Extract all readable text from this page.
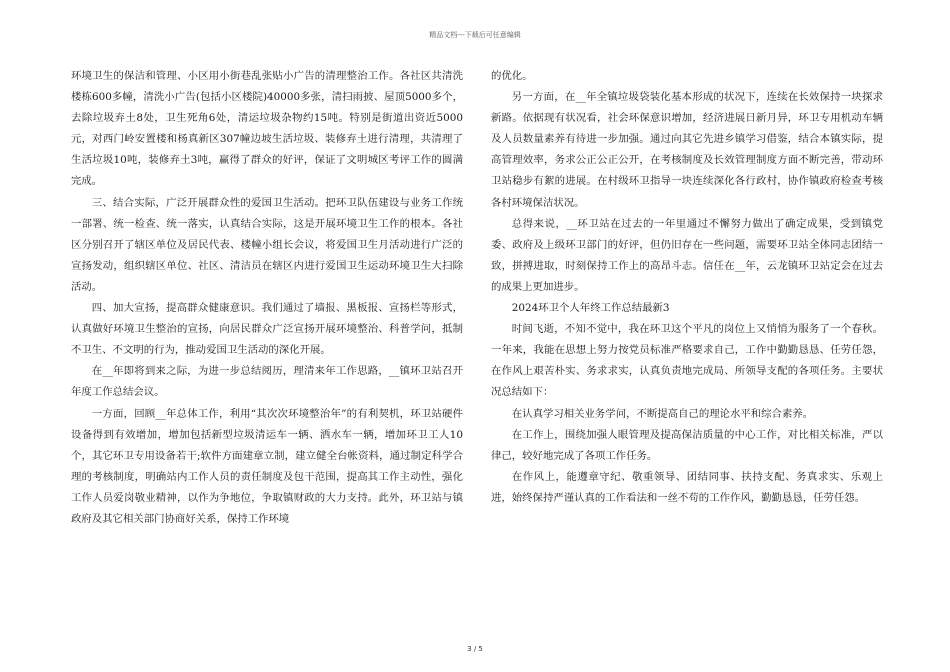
精品文档---下载后可任意编辑

环境卫生的保洁和管理、小区用小街巷乱张贴小广告的清理整治工作。各社区共清洗楼栋600多幢，清洗小广告(包括小区楼院)40000多张，清扫雨披、屋顶5000多个，去除垃圾弃土8处，卫生死角6处，清运垃圾杂物约15吨。特别是街道出资近5000元，对西门岭安置楼和杨真新区307幢边坡生活垃圾、装修弃土进行清理，共清理了生活垃圾10吨，装修弃土3吨，赢得了群众的好评，保证了文明城区考评工作的圆满完成。

三、结合实际，广泛开展群众性的爱国卫生活动。把环卫队伍建设与业务工作统一部署、统一检查、统一落实，认真结合实际，这是开展环境卫生工作的根本。各社区分别召开了辖区单位及居民代表、楼幢小组长会议，将爱国卫生月活动进行广泛的宣扬发动，组织辖区单位、社区、清洁员在辖区内进行爱国卫生运动环境卫生大扫除活动。

四、加大宣扬，提高群众健康意识。我们通过了墙报、黑板报、宣扬栏等形式，认真做好环境卫生整治的宣扬，向居民群众广泛宣扬开展环境整治、科普学问，抵制不卫生、不文明的行为，推动爱国卫生活动的深化开展。

在__年即将到来之际，为进一步总结阅历，理清来年工作思路，__镇环卫站召开年度工作总结会议。

一方面，回顾__年总体工作，利用“其次次环境整治年”的有利契机，环卫站硬件设备得到有效增加，增加包括新型垃圾清运车一辆、洒水车一辆，增加环卫工人10个，其它环卫专用设备若干;软件方面建章立制，建立健全台帐资料，通过制定科学合理的考核制度，明确站内工作人员的责任制度及包干范围，提高其工作主动性，强化工作人员爱岗敬业精神，以作为争地位，争取镇财政的大力支持。此外，环卫站与镇政府及其它相关部门协商好关系，保持工作环境

的优化。

另一方面，在__年全镇垃圾袋装化基本形成的状况下，连续在长效保持一块探求新路。依据现有状况看，社会环保意识增加，经济进展日新月异，环卫专用机动车辆及人员数量素养有待进一步加强。通过向其它先进乡镇学习借鉴，结合本镇实际，提高管理效率，务求公正公正公开，在考核制度及长效管理制度方面不断完善，带动环卫站稳步有絮的进展。在村级环卫指导一块连续深化各行政村，协作镇政府检查考核各村环境保洁状况。

总得来说，__环卫站在过去的一年里通过不懈努力做出了确定成果，受到镇党委、政府及上级环卫部门的好评，但仍旧存在一些问题，需要环卫站全体同志团结一致，拼搏进取，时刻保持工作上的高昂斗志。信任在__年，云龙镇环卫站定会在过去的成果上更加进步。

2024环卫个人年终工作总结最新3

时间飞逝，不知不觉中，我在环卫这个平凡的岗位上又悄悄为服务了一个春秋。一年来，我能在思想上努力按党员标准严格要求自己，工作中勤勤恳恳、任劳任怨，在作风上艰苦朴实、务求求实，认真负责地完成局、所领导支配的各项任务。主要状况总结如下：

在认真学习相关业务学问，不断提高自己的理论水平和综合素养。

在工作上，围绕加强人眼管理及提高保洁质量的中心工作，对比相关标准，严以律己，较好地完成了各项工作任务。

在作风上，能遵章守纪、敬重领导、团结同事、扶持支配、务真求实、乐观上进，始终保持严谨认真的工作看法和一丝不苟的工作作风，勤勤恳恳，任劳任怨。

3 / 5
